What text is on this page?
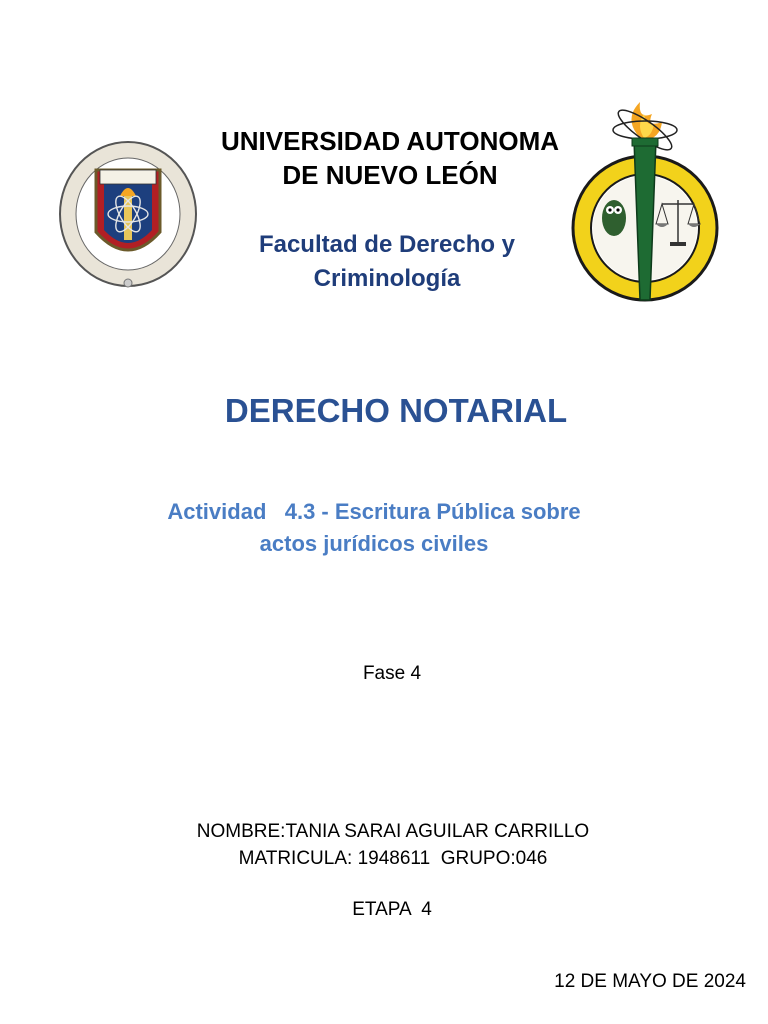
UNIVERSIDAD AUTONOMA
DE NUEVO LEÓN
Facultad de Derecho y
Criminología
DERECHO NOTARIAL
Actividad   4.3 - Escritura Pública sobre
actos jurídicos civiles
Fase 4
NOMBRE:TANIA SARAI AGUILAR CARRILLO
MATRICULA: 1948611  GRUPO:046
ETAPA  4
12 DE MAYO DE 2024
